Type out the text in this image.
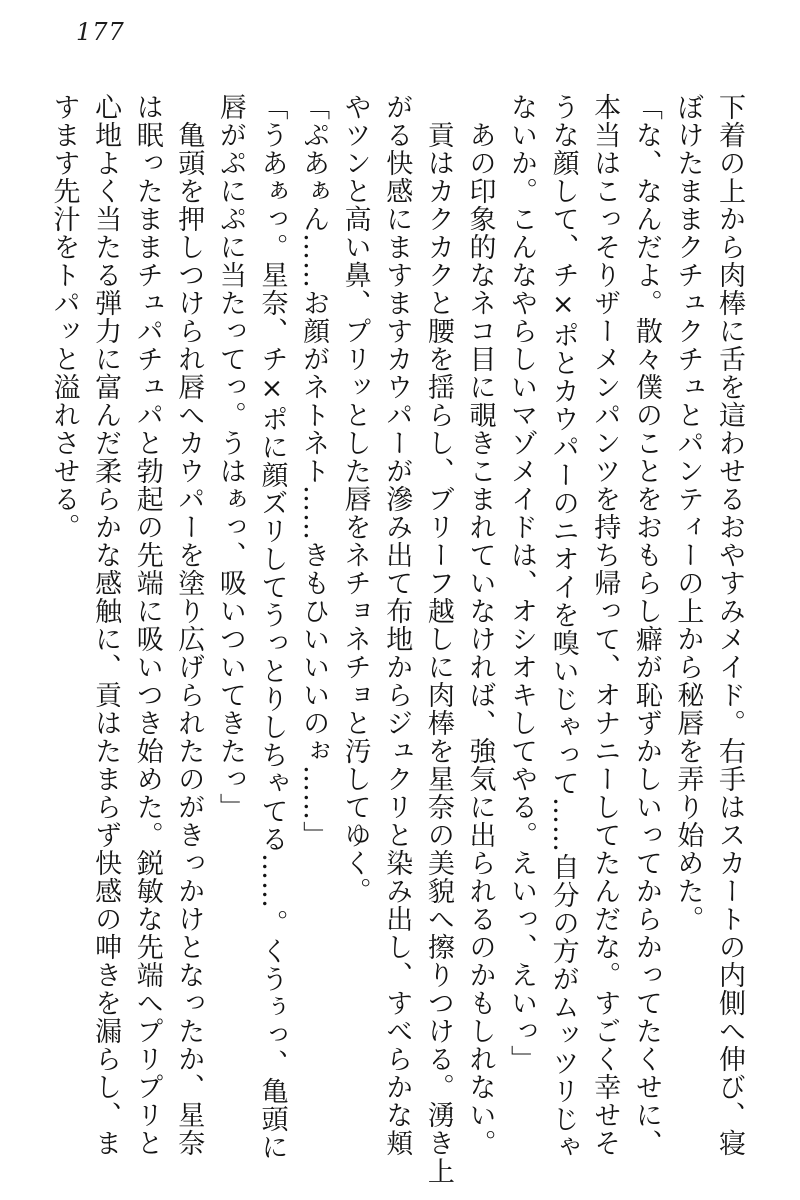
177
下着の上から肉棒に舌を這わせるおやすみメイド。右手はスカートの内側へ伸び、寝
ぼけたままクチュクチュとパンティーの上から秘唇を弄り始めた。
「な、なんだよ。散々僕のことをおもらし癖が恥ずかしいってからかってたくせに、
本当はこっそりザーメンパンツを持ち帰って、オナニーしてたんだな。すごく幸せそ
うな顔して、チ×ポとカウパーのニオイを嗅いじゃって……自分の方がムッツリじゃ
ないか。こんなやらしいマゾメイドは、オシオキしてやる。えいっ、えいっ」
あの印象的なネコ目に覗きこまれていなければ、強気に出られるのかもしれない。
貢はカクカクと腰を揺らし、ブリーフ越しに肉棒を星奈の美貌へ擦りつける。湧き上
がる快感にますますカウパーが滲み出て布地からジュクリと染み出し、すべらかな頬
やツンと高い鼻、プリッとした唇をネチョネチョと汚してゆく。
「ぷあぁん……お顔がネトネト……きもひいいいのぉ……」
「うあぁっ。星奈、チ×ポに顔ズリしてうっとりしちゃてる……。くうぅっ、亀頭に
唇がぷにぷに当たってっ。うはぁっ、吸いついてきたっ」
亀頭を押しつけられ唇へカウパーを塗り広げられたのがきっかけとなったか、星奈
は眠ったままチュパチュパと勃起の先端に吸いつき始めた。鋭敏な先端へプリプリと
心地よく当たる弾力に富んだ柔らかな感触に、貢はたまらず快感の呻きを漏らし、ま
すます先汁をトパッと溢れさせる。
